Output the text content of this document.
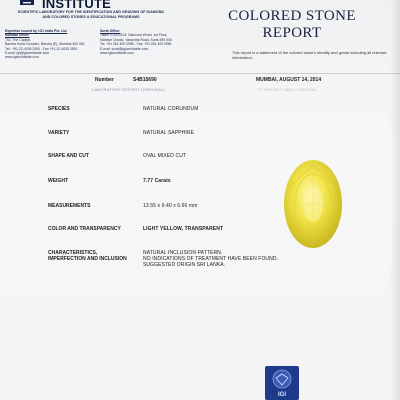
INSTITUTE
SCIENTIFIC LABORATORY FOR THE IDENTIFICATION AND GRADING OF DIAMOND AND COLORED STONES & EDUCATIONAL PROGRAMS
Expertise issued by I.G.I India Pvt. Ltd.
Mumbai Office:
702, The Capital,
Bandra Kurla Complex, Bandra (E), Mumbai 400 051.
Tel.: +91-22-4035 2550 - Fax +91-22-4035 2551
E-mail: igi@igiworldwide.com
www.igiworldwide.com
Surat Office:
Taken G.1/G1104, Diamond World, 1st Floor,
Mahavir Chowk, Varachha Road, Surat 395 006
Tel. +91 261 400 0985 - Fax: +91 261 400 0981
E-mail: surat@igiworldwide.com
www.igiworldwide.com
COLORED STONE
REPORT
This report is a statement of the colored stone's identity and grade including all relevant information.
Number	S4B15690	MUMBAI, AUGUST 14, 2014
LABORATORY REPORT (ORIGINAL)	TO WHOM IT MAY CONCERN
SPECIES	NATURAL CORUNDUM
VARIETY	NATURAL SAPPHIRE
SHAPE AND CUT	OVAL MIXED CUT
WEIGHT	7.77 Carats
MEASUREMENTS	13.55 x 9.40 x 6.66 mm
COLOR AND TRANSPARENCY	LIGHT YELLOW, TRANSPARENT
CHARACTERISTICS,
IMPERFECTION AND INCLUSION
NATURAL INCLUSION PATTERN.
NO INDICATIONS OF TREATMENT HAVE BEEN FOUND.
SUGGESTED ORIGIN SRI LANKA.
IGI
